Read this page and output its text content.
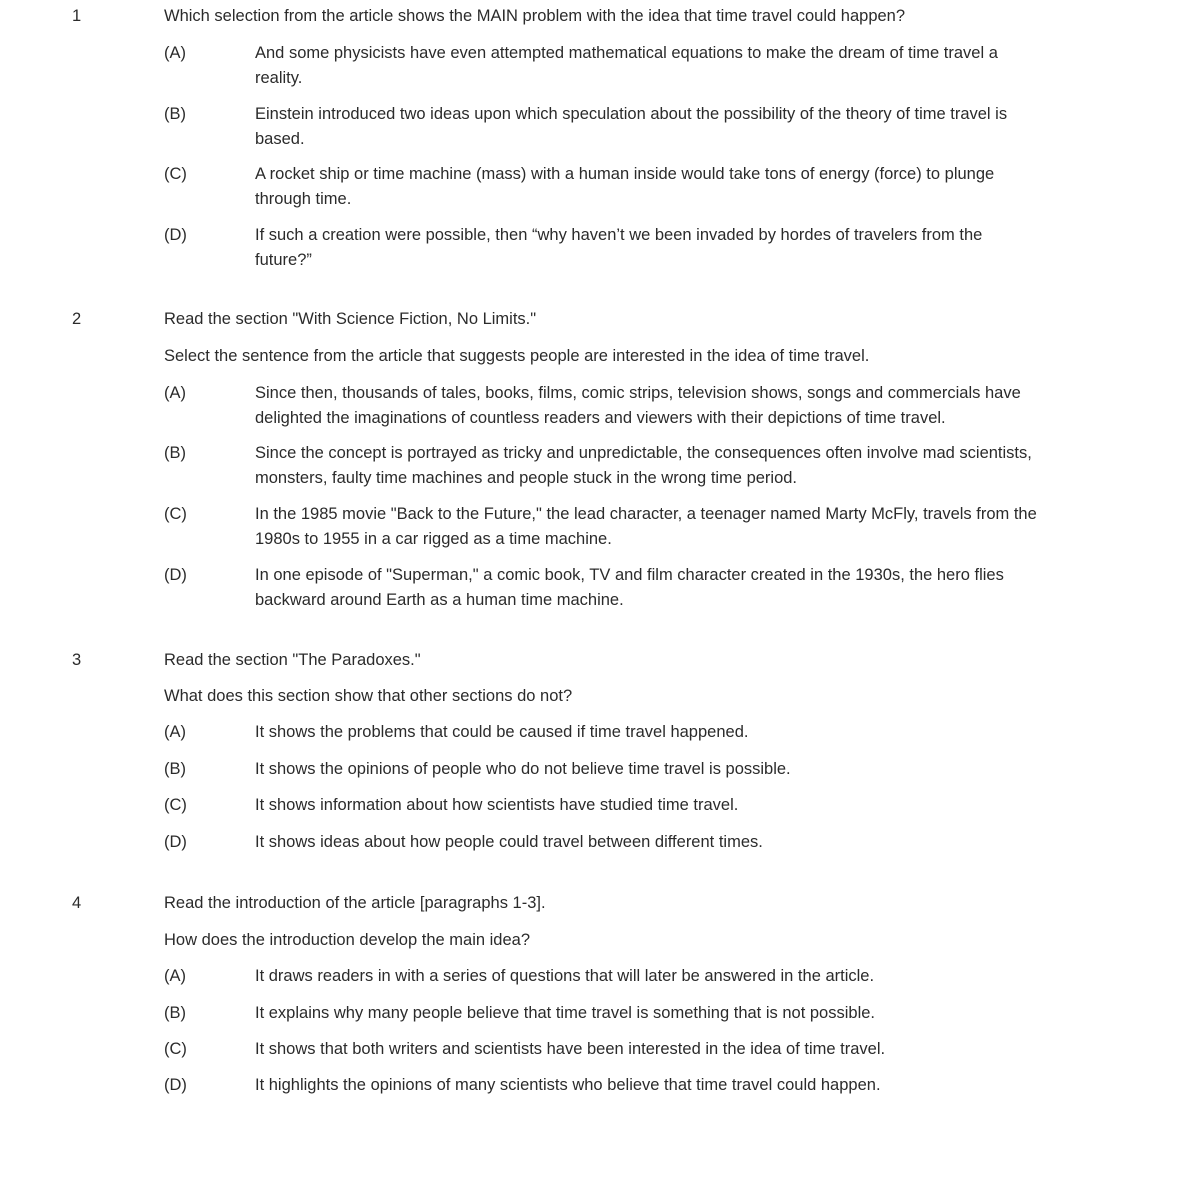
1	Which selection from the article shows the MAIN problem with the idea that time travel could happen?
(A)	And some physicists have even attempted mathematical equations to make the dream of time travel a reality.
(B)	Einstein introduced two ideas upon which speculation about the possibility of the theory of time travel is based.
(C)	A rocket ship or time machine (mass) with a human inside would take tons of energy (force) to plunge through time.
(D)	If such a creation were possible, then “why haven’t we been invaded by hordes of travelers from the future?”
2	Read the section "With Science Fiction, No Limits."
Select the sentence from the article that suggests people are interested in the idea of time travel.
(A)	Since then, thousands of tales, books, films, comic strips, television shows, songs and commercials have delighted the imaginations of countless readers and viewers with their depictions of time travel.
(B)	Since the concept is portrayed as tricky and unpredictable, the consequences often involve mad scientists, monsters, faulty time machines and people stuck in the wrong time period.
(C)	In the 1985 movie "Back to the Future," the lead character, a teenager named Marty McFly, travels from the 1980s to 1955 in a car rigged as a time machine.
(D)	In one episode of "Superman," a comic book, TV and film character created in the 1930s, the hero flies backward around Earth as a human time machine.
3	Read the section "The Paradoxes."
What does this section show that other sections do not?
(A)	It shows the problems that could be caused if time travel happened.
(B)	It shows the opinions of people who do not believe time travel is possible.
(C)	It shows information about how scientists have studied time travel.
(D)	It shows ideas about how people could travel between different times.
4	Read the introduction of the article [paragraphs 1-3].
How does the introduction develop the main idea?
(A)	It draws readers in with a series of questions that will later be answered in the article.
(B)	It explains why many people believe that time travel is something that is not possible.
(C)	It shows that both writers and scientists have been interested in the idea of time travel.
(D)	It highlights the opinions of many scientists who believe that time travel could happen.
